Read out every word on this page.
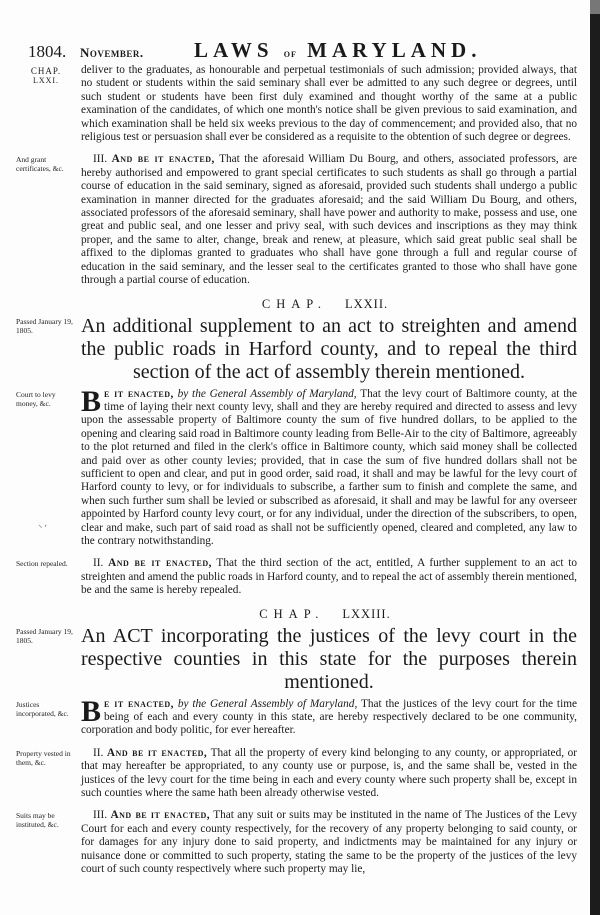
1804.	November.	LAWS of MARYLAND.
CHAP.
LXXI.
deliver to the graduates, as honourable and perpetual testimonials of such admission; provided always, that no student or students within the said seminary shall ever be admitted to any such degree or degrees, until such student or students have been first duly examined and thought worthy of the same at a public examination of the candidates, of which one month's notice shall be given previous to said examination, and which examination shall be held six weeks previous to the day of commencement; and provided also, that no religious test or persuasion shall ever be considered as a requisite to the obtention of such degree or degrees.
And grant certificates, &c.
III. And be it enacted, That the aforesaid William Du Bourg, and others, associated professors, are hereby authorised and empowered to grant special certificates to such students as shall go through a partial course of education in the said seminary, signed as aforesaid, provided such students shall undergo a public examination in manner directed for the graduates aforesaid; and the said William Du Bourg, and others, associated professors of the aforesaid seminary, shall have power and authority to make, possess and use, one great and public seal, and one lesser and privy seal, with such devices and inscriptions as they may think proper, and the same to alter, change, break and renew, at pleasure, which said great public seal shall be affixed to the diplomas granted to graduates who shall have gone through a full and regular course of education in the said seminary, and the lesser seal to the certificates granted to those who shall have gone through a partial course of education.
CHAP. LXXII.
Passed January 19, 1805.	An additional supplement to an act to streighten and amend the public roads in Harford county, and to repeal the third section of the act of assembly therein mentioned.
Court to levy money, &c.	Be it enacted, by the General Assembly of Maryland, That the levy court of Baltimore county, at the time of laying their next county levy, shall and they are hereby required and directed to assess and levy upon the assessable property of Baltimore county the sum of five hundred dollars, to be applied to the opening and clearing said road in Baltimore county leading from Belle-Air to the city of Baltimore, agreeably to the plot returned and filed in the clerk's office in Baltimore county, which said money shall be collected and paid over as other county levies; provided, that in case the sum of five hundred dollars shall not be sufficient to open and clear, and put in good order, said road, it shall and may be lawful for the levy court of Harford county to levy, or for individuals to subscribe, a farther sum to finish and complete the same, and when such further sum shall be levied or subscribed as aforesaid, it shall and may be lawful for any overseer appointed by Harford county levy court, or for any individual, under the direction of the subscribers, to open, clear and make, such part of said road as shall not be sufficiently opened, cleared and completed, any law to the contrary notwithstanding.
⸌ ʹ
Section repealed.	II. And be it enacted, That the third section of the act, entitled, A further supplement to an act to streighten and amend the public roads in Harford county, and to repeal the act of assembly therein mentioned, be and the same is hereby repealed.
CHAP. LXXIII.
Passed January 19, 1805.	An ACT incorporating the justices of the levy court in the respective counties in this state for the purposes therein mentioned.
Justices incorporated, &c. Be it enacted, by the General Assembly of Maryland, That the justices of the levy court for the time being of each and every county in this state, are hereby respectively declared to be one community, corporation and body politic, for ever hereafter.
Property vested in them, &c.
II. And be it enacted, That all the property of every kind belonging to any county, or appropriated, or that may hereafter be appropriated, to any county use or purpose, is, and the same shall be, vested in the justices of the levy court for the time being in each and every county where such property shall be, except in such counties where the same hath been already otherwise vested.
Suits may be instituted, &c.
III. And be it enacted, That any suit or suits may be instituted in the name of The Justices of the Levy Court for each and every county respectively, for the recovery of any property belonging to said county, or for damages for any injury done to said property, and indictments may be maintained for any injury or nuisance done or committed to such property, stating the same to be the property of the justices of the levy court of such county respectively where such property may lie,
